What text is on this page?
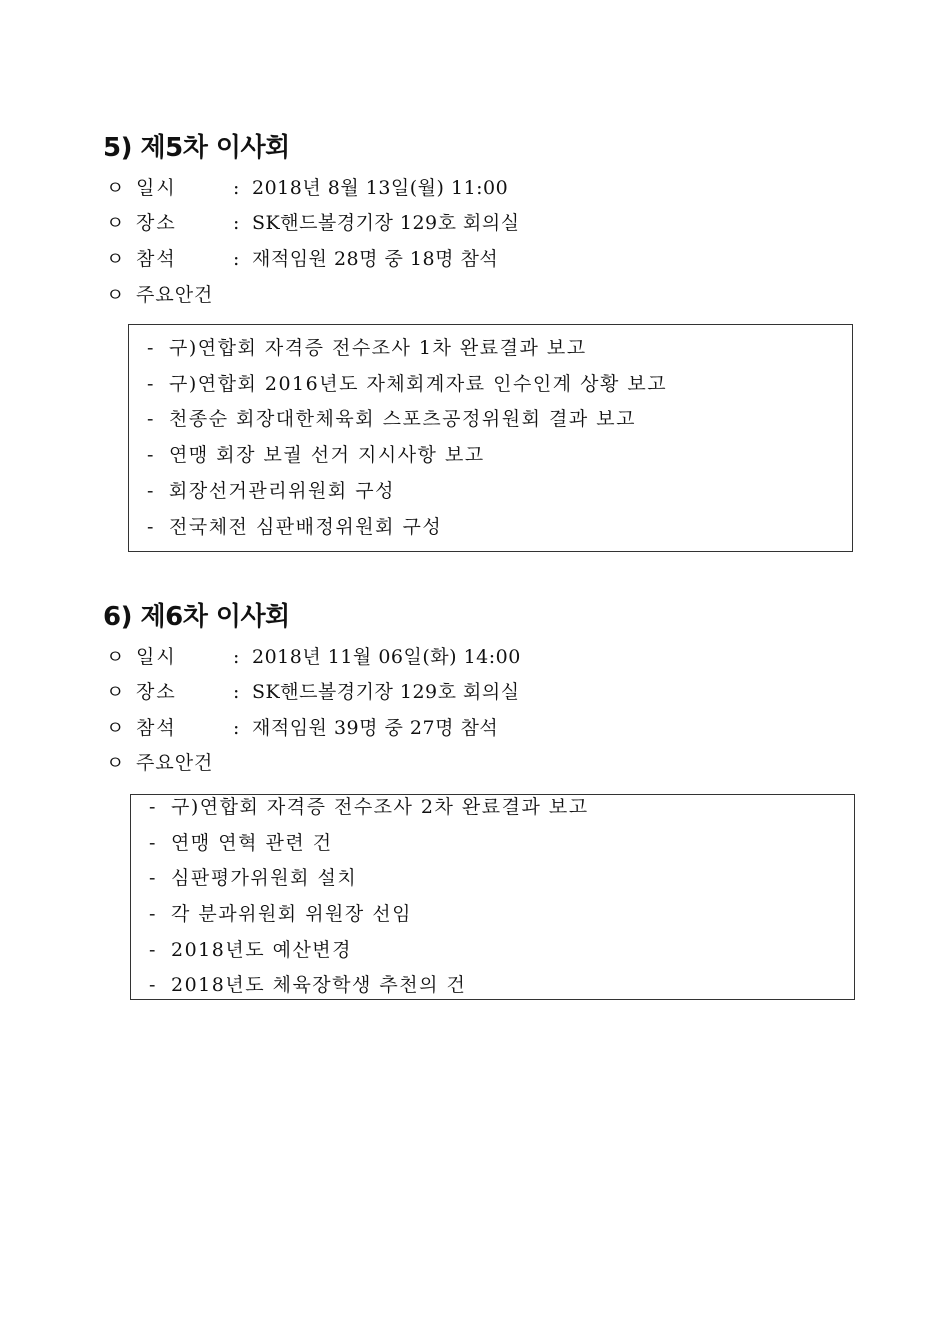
5) 제5차 이사회
ㅇ 일시	: 2018년 8월 13일(월) 11:00
ㅇ 장소	: SK핸드볼경기장 129호 회의실
ㅇ 참석	: 재적임원 28명 중 18명 참석
ㅇ 주요안건
- 구)연합회 자격증 전수조사 1차 완료결과 보고
- 구)연합회 2016년도 자체회계자료 인수인계 상황 보고
- 천종순 회장대한체육회 스포츠공정위원회 결과 보고
- 연맹 회장 보궐 선거 지시사항 보고
- 회장선거관리위원회 구성
- 전국체전 심판배정위원회 구성
6) 제6차 이사회
ㅇ 일시	: 2018년 11월 06일(화) 14:00
ㅇ 장소	: SK핸드볼경기장 129호 회의실
ㅇ 참석	: 재적임원 39명 중 27명 참석
ㅇ 주요안건
- 구)연합회 자격증 전수조사 2차 완료결과 보고
- 연맹 연혁 관련 건
- 심판평가위원회 설치
- 각 분과위원회 위원장 선임
- 2018년도 예산변경
- 2018년도 체육장학생 추천의 건
